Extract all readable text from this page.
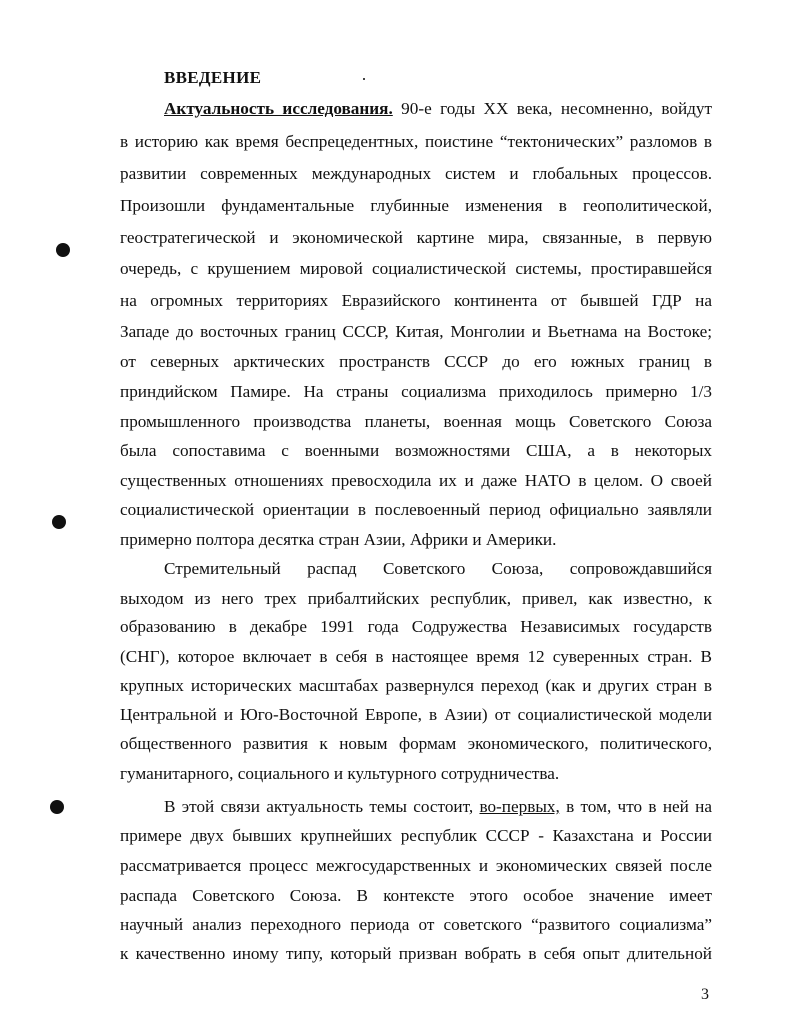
ВВЕДЕНИЕ
Актуальность исследования. 90-е годы XX века, несомненно, войдут
в историю как время беспрецедентных, поистине “тектонических” разломов в
развитии современных международных систем и глобальных процессов.
Произошли фундаментальные глубинные изменения в геополитической,
геостратегической и экономической картине мира, связанные, в первую
очередь, с крушением мировой социалистической системы, простиравшейся
на огромных территориях Евразийского континента от бывшей ГДР на
Западе до восточных границ СССР, Китая, Монголии и Вьетнама на Востоке;
от северных арктических пространств СССР до его южных границ в
приндийском Памире. На страны социализма приходилось примерно 1/3
промышленного производства планеты, военная мощь Советского Союза
была сопоставима с военными возможностями США, а в некоторых
существенных отношениях превосходила их и даже НАТО в целом. О своей
социалистической ориентации в послевоенный период официально заявляли
примерно полтора десятка стран Азии, Африки и Америки.
Стремительный распад Советского Союза, сопровождавшийся
выходом из него трех прибалтийских республик, привел, как известно, к
образованию в декабре 1991 года Содружества Независимых государств
(СНГ), которое включает в себя в настоящее время 12 суверенных стран. В
крупных исторических масштабах развернулся переход (как и других стран в
Центральной и Юго-Восточной Европе, в Азии) от социалистической модели
общественного развития к новым формам экономического, политического,
гуманитарного, социального и культурного сотрудничества.
В этой связи актуальность темы состоит, во-первых, в том, что в ней на
примере двух бывших крупнейших республик СССР - Казахстана и России
рассматривается процесс межгосударственных и экономических связей после
распада Советского Союза. В контексте этого особое значение имеет
научный анализ переходного периода от советского “развитого социализма”
к качественно иному типу, который призван вобрать в себя опыт длительной
3
